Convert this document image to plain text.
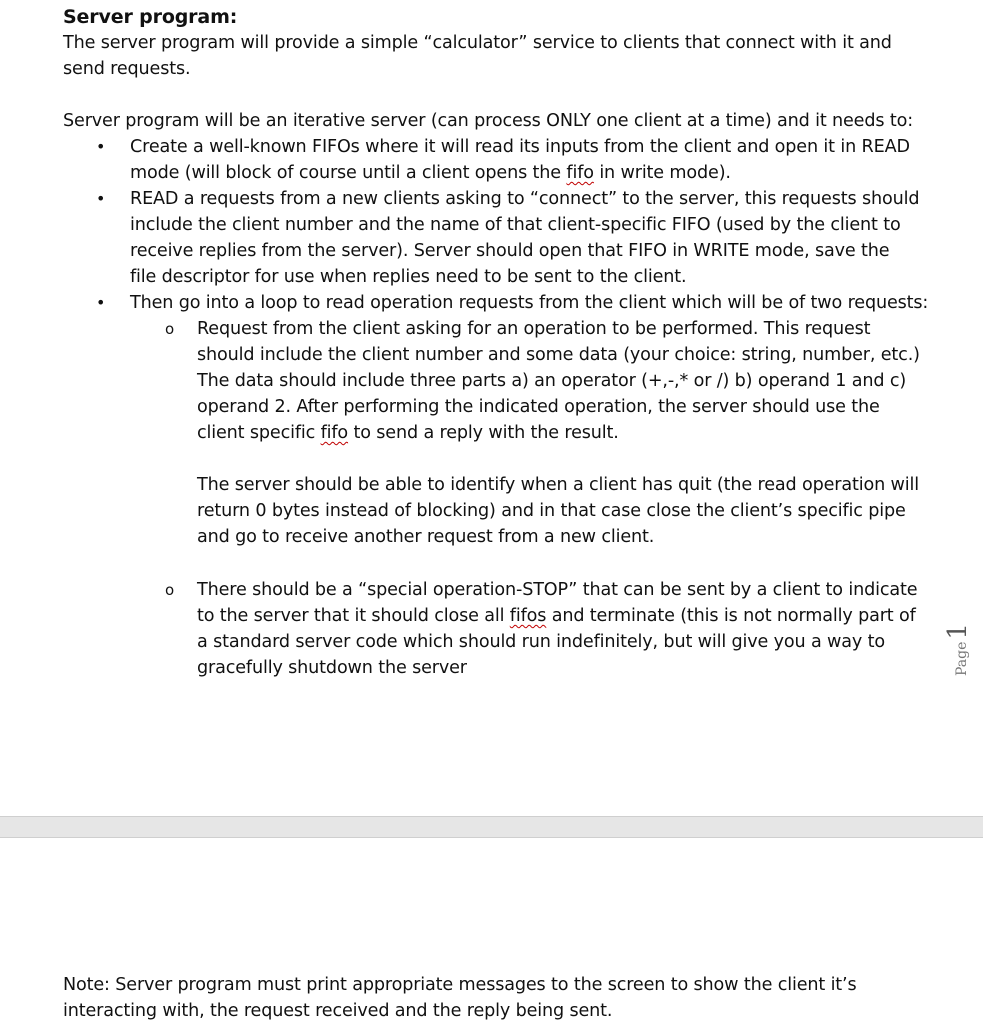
Server program:
The server program will provide a simple “calculator” service to clients that connect with it and
send requests.
Server program will be an iterative server (can process ONLY one client at a time) and it needs to:
• Create a well-known FIFOs where it will read its inputs from the client and open it in READ
mode (will block of course until a client opens the fifo in write mode).
• READ a requests from a new clients asking to “connect” to the server, this requests should
include the client number and the name of that client-specific FIFO (used by the client to
receive replies from the server). Server should open that FIFO in WRITE mode, save the
file descriptor for use when replies need to be sent to the client.
• Then go into a loop to read operation requests from the client which will be of two requests:
o Request from the client asking for an operation to be performed. This request
should include the client number and some data (your choice: string, number, etc.)
The data should include three parts a) an operator (+,-,* or /) b) operand 1 and c)
operand 2. After performing the indicated operation, the server should use the
client specific fifo to send a reply with the result.
The server should be able to identify when a client has quit (the read operation will
return 0 bytes instead of blocking) and in that case close the client’s specific pipe
and go to receive another request from a new client.
o There should be a “special operation-STOP” that can be sent by a client to indicate
to the server that it should close all fifos and terminate (this is not normally part of
a standard server code which should run indefinitely, but will give you a way to
gracefully shutdown the server	Page1
Note: Server program must print appropriate messages to the screen to show the client it’s
interacting with, the request received and the reply being sent.
